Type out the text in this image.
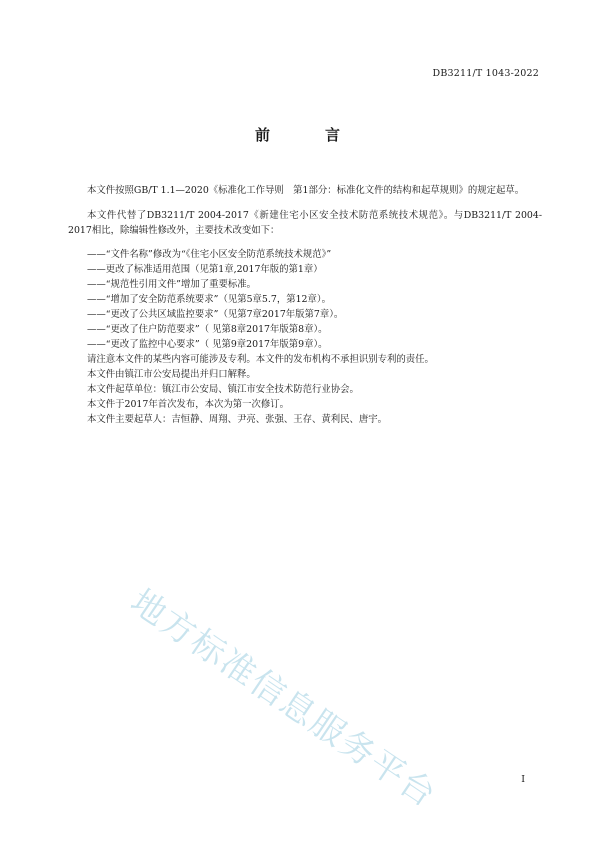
DB3211/T 1043-2022
前　言

本文件按照GB/T 1.1—2020《标准化工作导则　第1部分：标准化文件的结构和起草规则》的规定起草。

本文件代替了DB3211/T 2004-2017《新建住宅小区安全技术防范系统技术规范》。与DB3211/T 2004-2017相比，除编辑性修改外，主要技术改变如下：

——“文件名称”修改为“《住宅小区安全防范系统技术规范》”

——更改了标准适用范围（见第1章,2017年版的第1章）

——“规范性引用文件”增加了重要标准。

——“增加了安全防范系统要求”（见第5章5.7，第12章）。

——“更改了公共区域监控要求”（见第7章2017年版第7章）。

——“更改了住户防范要求”（ 见第8章2017年版第8章）。

——“更改了监控中心要求”（ 见第9章2017年版第9章）。

请注意本文件的某些内容可能涉及专利。本文件的发布机构不承担识别专利的责任。

本文件由镇江市公安局提出并归口解释。

本文件起草单位：镇江市公安局、镇江市安全技术防范行业协会。

本文件于2017年首次发布，本次为第一次修订。

本文件主要起草人：吉恒静、周翔、尹亮、张强、王存、黄利民、唐宇。

地方标准信息服务平台	I
